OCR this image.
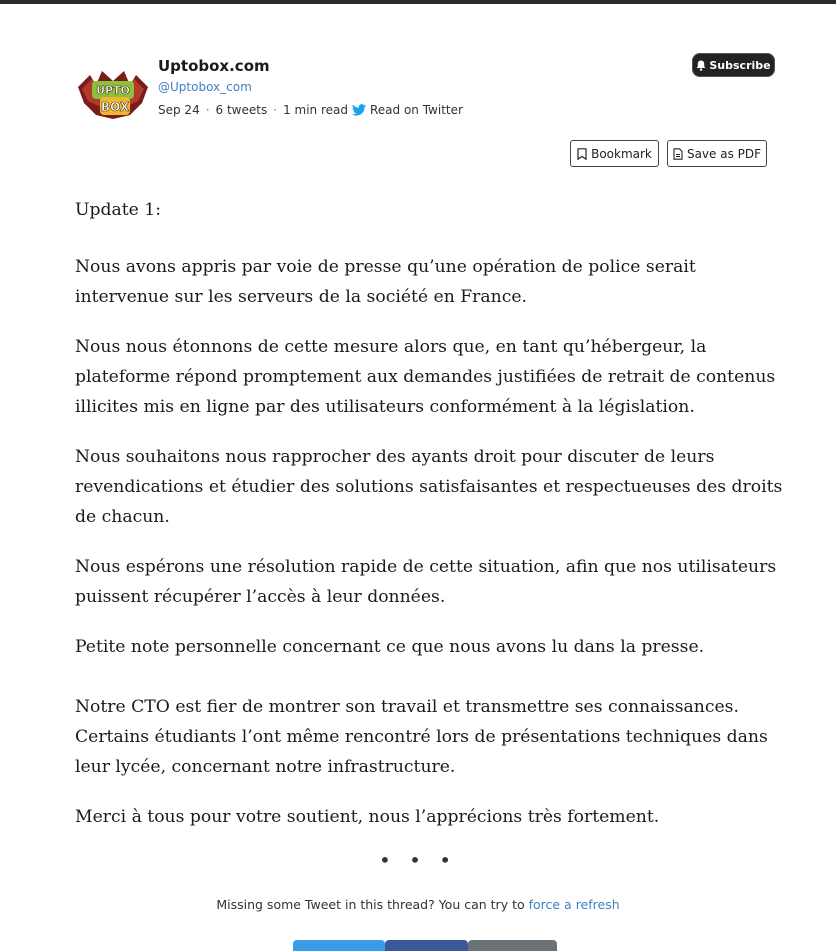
UPTO
BOX
Uptobox.com
@Uptobox_com
Sep 24 · 6 tweets · 1 min read Read on Twitter
Subscribe
Bookmark	Save as PDF

Update 1:

Nous avons appris par voie de presse qu’une opération de police serait intervenue sur les serveurs de la société en France.

Nous nous étonnons de cette mesure alors que, en tant qu’hébergeur, la plateforme répond promptement aux demandes justifiées de retrait de contenus illicites mis en ligne par des utilisateurs conformément à la législation.

Nous souhaitons nous rapprocher des ayants droit pour discuter de leurs revendications et étudier des solutions satisfaisantes et respectueuses des droits de chacun.

Nous espérons une résolution rapide de cette situation, afin que nos utilisateurs puissent récupérer l’accès à leur données.

Petite note personnelle concernant ce que nous avons lu dans la presse.

Notre CTO est fier de montrer son travail et transmettre ses connaissances. Certains étudiants l’ont même rencontré lors de présentations techniques dans leur lycée, concernant notre infrastructure.

Merci à tous pour votre soutient, nous l’apprécions très fortement.

• • •
Missing some Tweet in this thread? You can try to force a refresh
